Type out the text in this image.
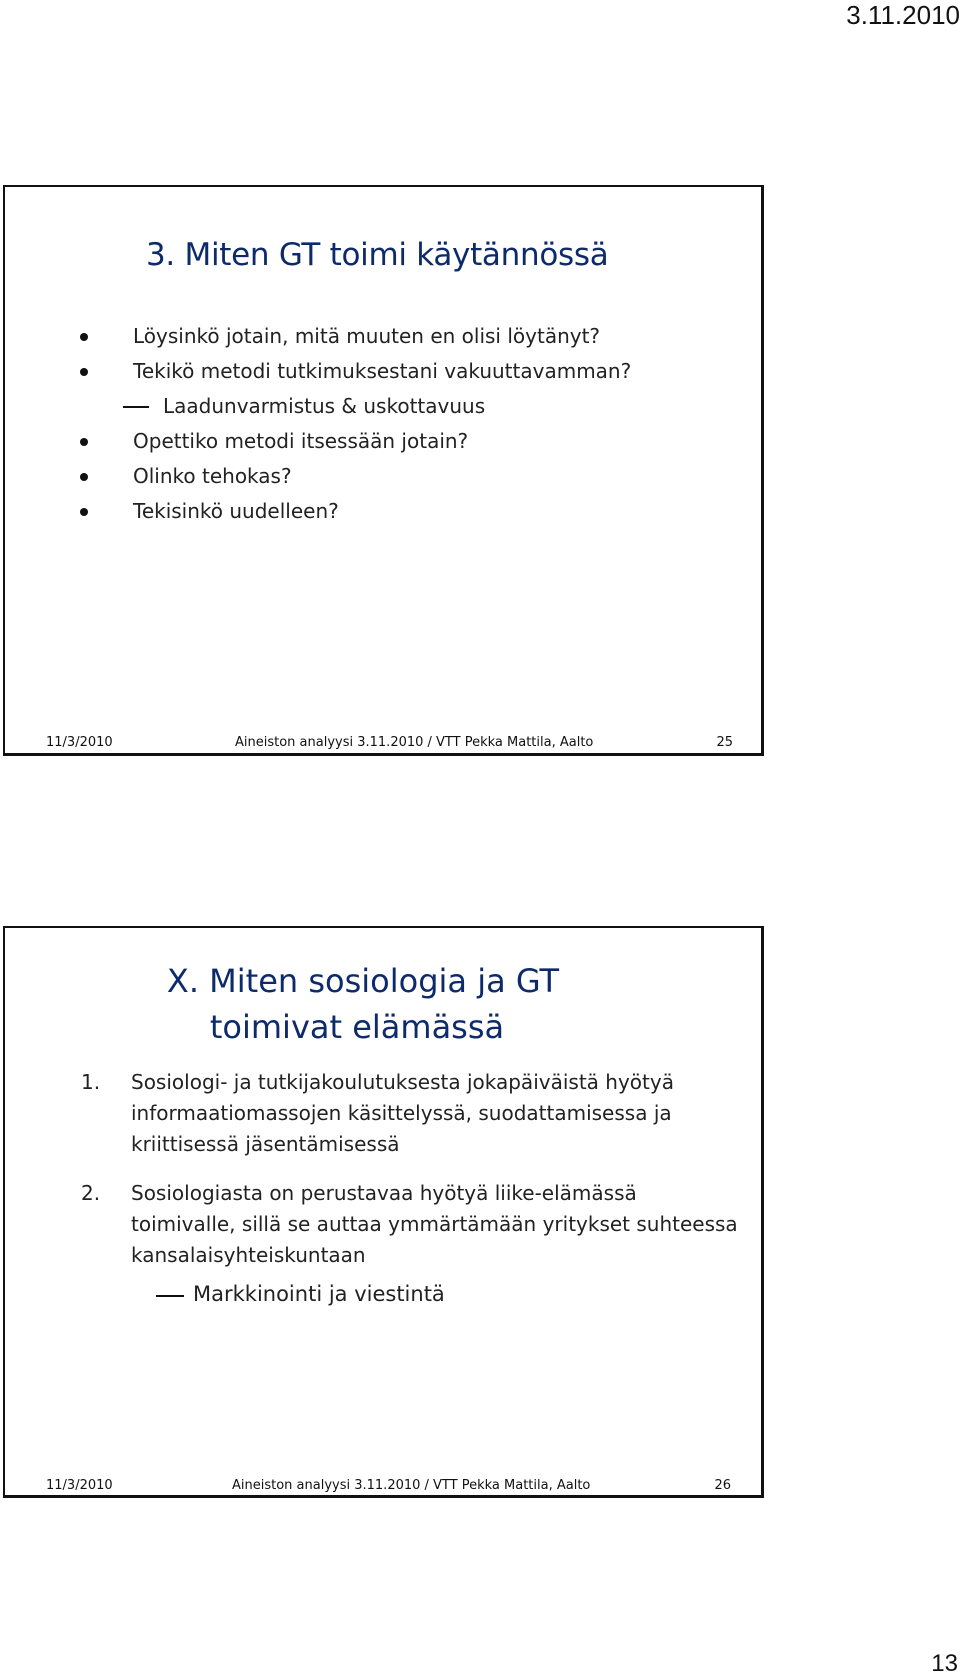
3.11.2010
3. Miten GT toimi käytännössä
Löysinkö jotain, mitä muuten en olisi löytänyt?
Tekikö metodi tutkimuksestani vakuuttavamman?
Laadunvarmistus & uskottavuus
Opettiko metodi itsessään jotain?
Olinko tehokas?
Tekisinkö uudelleen?
11/3/2010	Aineiston analyysi 3.11.2010 / VTT Pekka Mattila, Aalto	25
X. Miten sosiologia ja GT
toimivat elämässä
1. Sosiologi- ja tutkijakoulutuksesta jokapäiväistä hyötyä informaatiomassojen käsittelyssä, suodattamisessa ja kriittisessä jäsentämisessä
2. Sosiologiasta on perustavaa hyötyä liike-elämässä toimivalle, sillä se auttaa ymmärtämään yritykset suhteessa kansalaisyhteiskuntaan
Markkinointi ja viestintä
11/3/2010	Aineiston analyysi 3.11.2010 / VTT Pekka Mattila, Aalto	26
13
